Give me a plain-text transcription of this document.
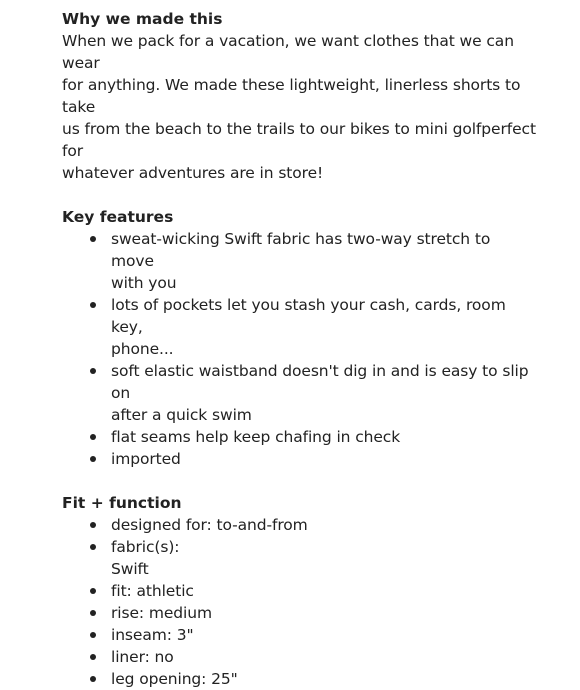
Why we made this

When we pack for a vacation, we want clothes that we can wear
for anything. We made these lightweight, linerless shorts to take
us from the beach to the trails to our bikes to mini golfperfect for
whatever adventures are in store!

Key features

sweat-wicking Swift fabric has two-way stretch to move
with you
lots of pockets let you stash your cash, cards, room key,
phone...
soft elastic waistband doesn't dig in and is easy to slip on
after a quick swim
flat seams help keep chafing in check
imported

Fit + function

designed for: to-and-from
fabric(s):
Swift
fit: athletic
rise: medium
inseam: 3"
liner: no
leg opening: 25"
